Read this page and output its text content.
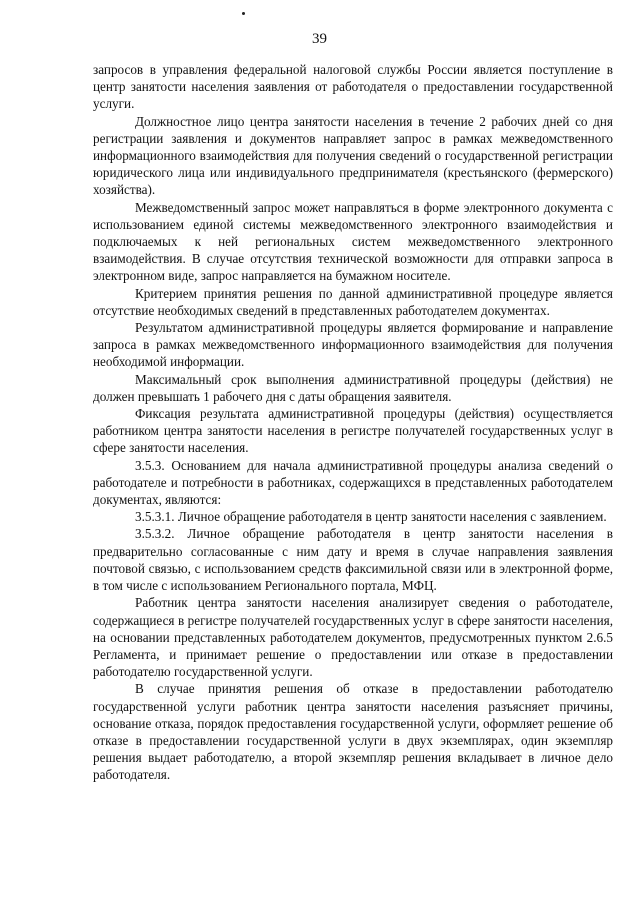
39

запросов в управления федеральной налоговой службы России является поступление в центр занятости населения заявления от работодателя о предоставлении государственной услуги.

Должностное лицо центра занятости населения в течение 2 рабочих дней со дня регистрации заявления и документов направляет запрос в рамках межведомственного информационного взаимодействия для получения сведений о государственной регистрации юридического лица или индивидуального предпринимателя (крестьянского (фермерского) хозяйства).

Межведомственный запрос может направляться в форме электронного документа с использованием единой системы межведомственного электронного взаимодействия и подключаемых к ней региональных систем межведомственного электронного взаимодействия. В случае отсутствия технической возможности для отправки запроса в электронном виде, запрос направляется на бумажном носителе.

Критерием принятия решения по данной административной процедуре является отсутствие необходимых сведений в представленных работодателем документах.

Результатом административной процедуры является формирование и направление запроса в рамках межведомственного информационного взаимодействия для получения необходимой информации.

Максимальный срок выполнения административной процедуры (действия) не должен превышать 1 рабочего дня с даты обращения заявителя.

Фиксация результата административной процедуры (действия) осуществляется работником центра занятости населения в регистре получателей государственных услуг в сфере занятости населения.

3.5.3. Основанием для начала административной процедуры анализа сведений о работодателе и потребности в работниках, содержащихся в представленных работодателем документах, являются:

3.5.3.1. Личное обращение работодателя в центр занятости населения с заявлением.

3.5.3.2. Личное обращение работодателя в центр занятости населения в предварительно согласованные с ним дату и время в случае направления заявления почтовой связью, с использованием средств факсимильной связи или в электронной форме, в том числе с использованием Регионального портала, МФЦ.

Работник центра занятости населения анализирует сведения о работодателе, содержащиеся в регистре получателей государственных услуг в сфере занятости населения, на основании представленных работодателем документов, предусмотренных пунктом 2.6.5 Регламента, и принимает решение о предоставлении или отказе в предоставлении работодателю государственной услуги.

В случае принятия решения об отказе в предоставлении работодателю государственной услуги работник центра занятости населения разъясняет причины, основание отказа, порядок предоставления государственной услуги, оформляет решение об отказе в предоставлении государственной услуги в двух экземплярах, один экземпляр решения выдает работодателю, а второй экземпляр решения вкладывает в личное дело работодателя.
